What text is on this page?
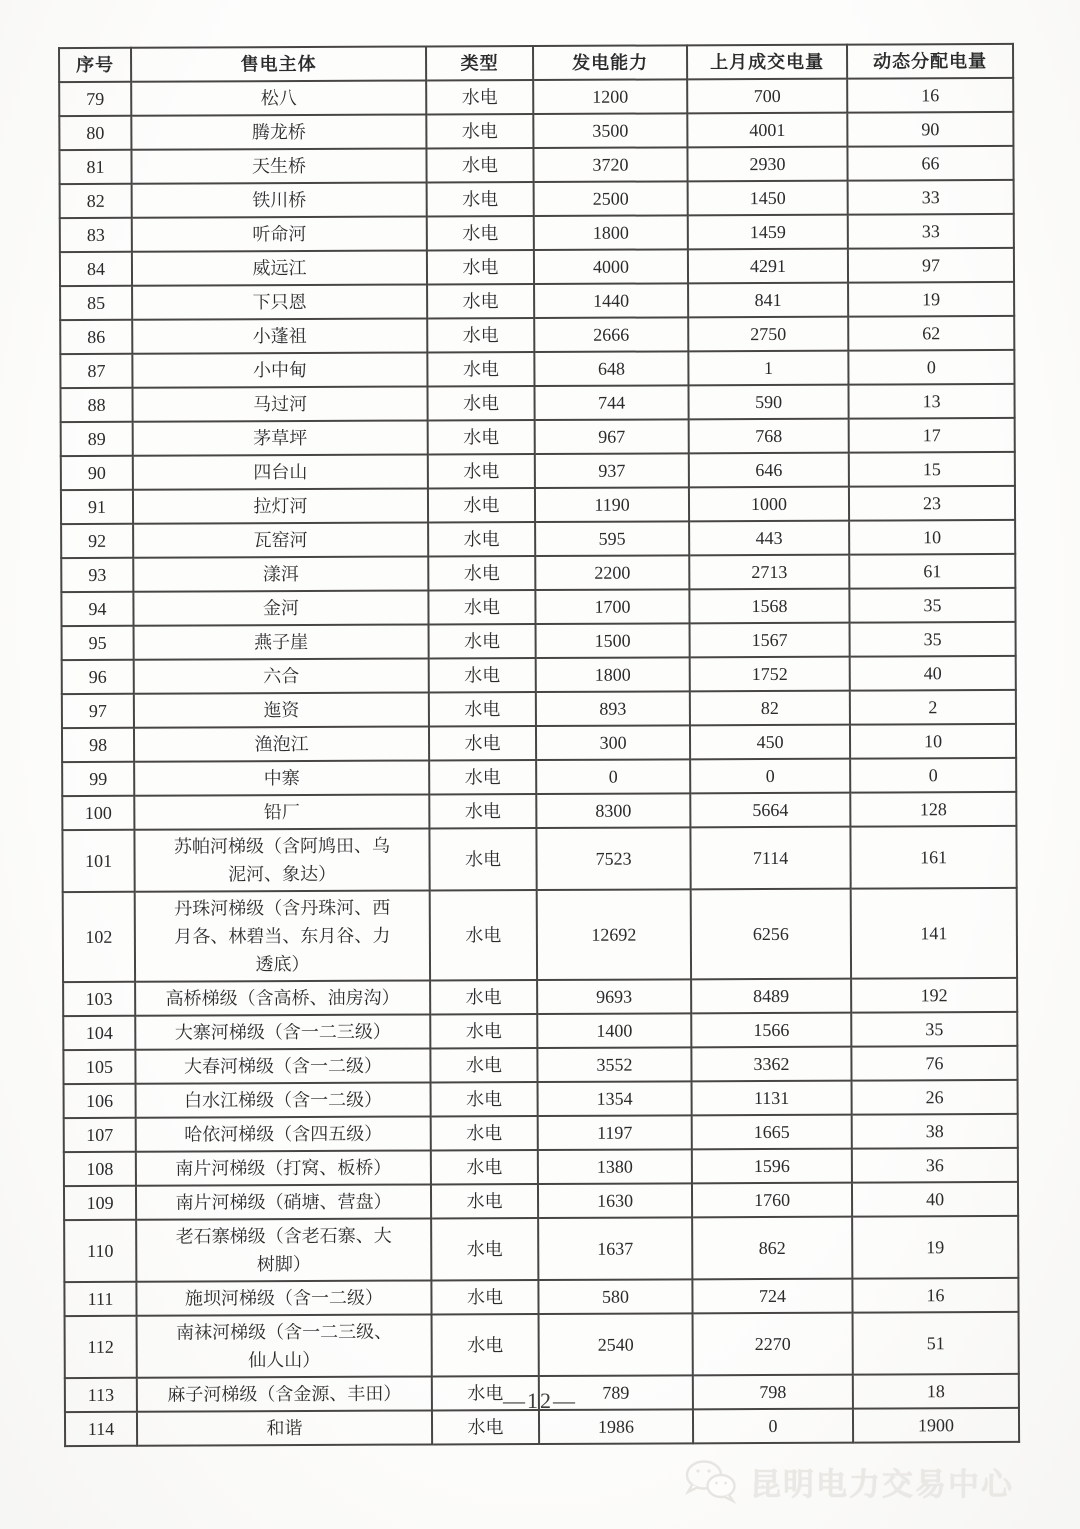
序号	售电主体	类型	发电能力	上月成交电量	动态分配电量
79	松八	水电	1200	700	16
80	腾龙桥	水电	3500	4001	90
81	天生桥	水电	3720	2930	66
82	铁川桥	水电	2500	1450	33
83	听命河	水电	1800	1459	33
84	威远江	水电	4000	4291	97
85	下只恩	水电	1440	841	19
86	小蓬祖	水电	2666	2750	62
87	小中甸	水电	648	1	0
88	马过河	水电	744	590	13
89	茅草坪	水电	967	768	17
90	四台山	水电	937	646	15
91	拉灯河	水电	1190	1000	23
92	瓦窑河	水电	595	443	10
93	漾洱	水电	2200	2713	61
94	金河	水电	1700	1568	35
95	燕子崖	水电	1500	1567	35
96	六合	水电	1800	1752	40
97	迤资	水电	893	82	2
98	渔泡江	水电	300	450	10
99	中寨	水电	0	0	0
100	铅厂	水电	8300	5664	128
101	苏帕河梯级（含阿鸠田、乌
泥河、象达）	水电	7523	7114	161
102	丹珠河梯级（含丹珠河、西
月各、林碧当、东月谷、力
透底）	水电	12692	6256	141
103	高桥梯级（含高桥、油房沟）	水电	9693	8489	192
104	大寨河梯级（含一二三级）	水电	1400	1566	35
105	大春河梯级（含一二级）	水电	3552	3362	76
106	白水江梯级（含一二级）	水电	1354	1131	26
107	哈依河梯级（含四五级）	水电	1197	1665	38
108	南片河梯级（打窝、板桥）	水电	1380	1596	36
109	南片河梯级（硝塘、营盘）	水电	1630	1760	40
110	老石寨梯级（含老石寨、大
树脚）	水电	1637	862	19
111	施坝河梯级（含一二级）	水电	580	724	16
112	南袜河梯级（含一二三级、
仙人山）	水电	2540	2270	51
113	麻子河梯级（含金源、丰田）	水电	789	798	18
114	和谐	水电	1986	0	1900
—12—
昆明电力交易中心
